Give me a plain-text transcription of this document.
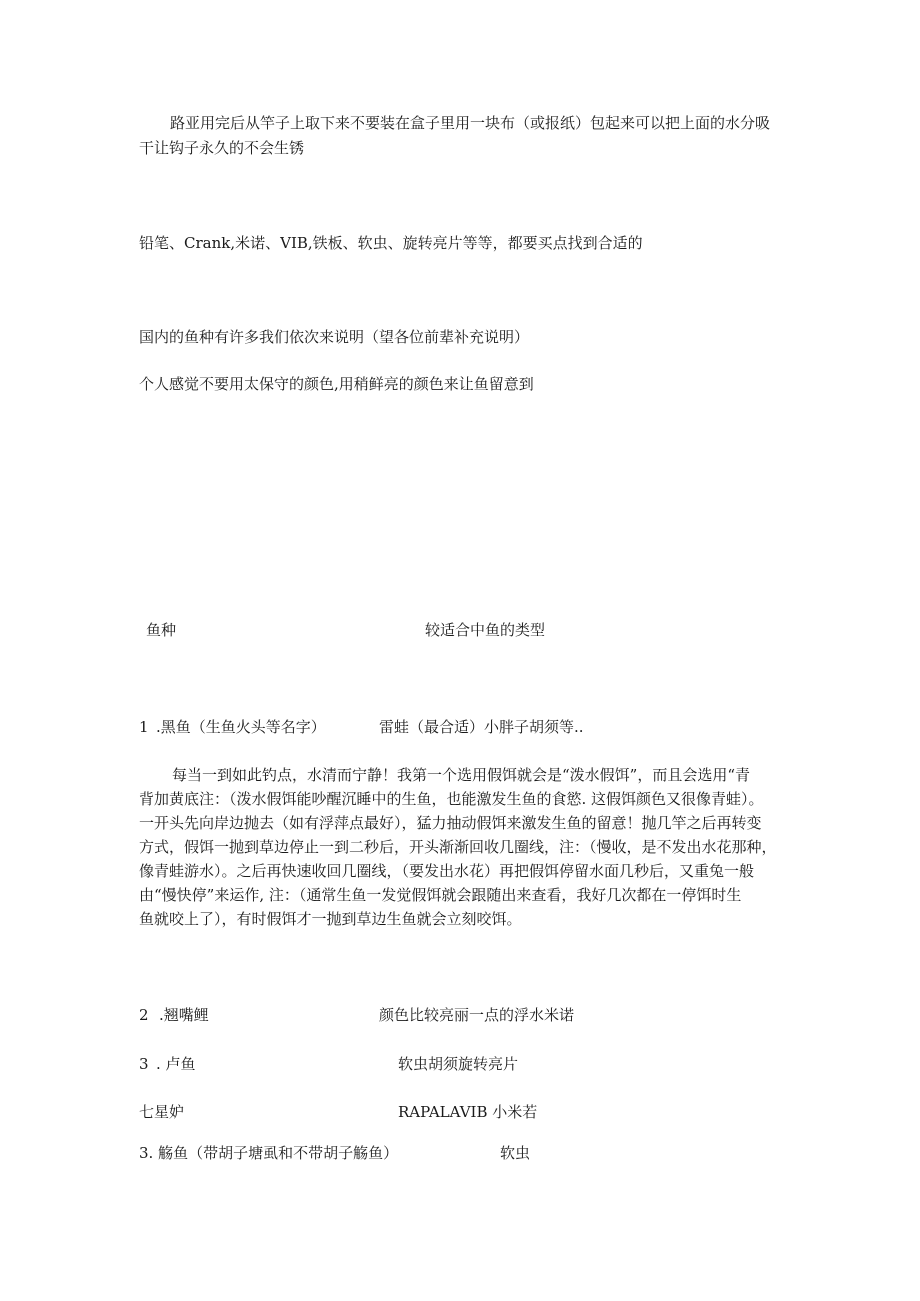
路亚用完后从竿子上取下来不要装在盒子里用一块布（或报纸）包起来可以把上面的水分吸

干让钩子永久的不会生锈

铅笔、Crank,米诺、VIB,铁板、软虫、旋转亮片等等，都要买点找到合适的

国内的鱼种有许多我们依次来说明（望各位前辈补充说明）

个人感觉不要用太保守的颜色,用稍鲜亮的颜色来让鱼留意到

鱼种	较适合中鱼的类型
1 .黑鱼（生鱼火头等名字）	雷蛙（最合适）小胖子胡须等..

每当一到如此钓点，水清而宁静！我第一个选用假饵就会是“泼水假饵”，而且会选用“青

背加黄底注：（泼水假饵能吵醒沉睡中的生鱼，也能激发生鱼的食慾. 这假饵颜色又很像青蛙）。

一开头先向岸边抛去（如有浮萍点最好），猛力抽动假饵来激发生鱼的留意！抛几竿之后再转变

方式，假饵一抛到草边停止一到二秒后，开头渐渐回收几圈线，注：（慢收，是不发出水花那种，

像青蛙游水）。之后再快速收回几圈线，（要发出水花）再把假饵停留水面几秒后，又重兔一般

由“慢快停”来运作, 注：（通常生鱼一发觉假饵就会跟随出来查看，我好几次都在一停饵时生

鱼就咬上了），有时假饵才一抛到草边生鱼就会立刻咬饵。

2 .翘嘴鲤	颜色比较亮丽一点的浮水米诺
3 . 卢鱼	软虫胡须旋转亮片
七星妒	RAPALAVIB 小米若
3. 觞鱼（带胡子塘虱和不带胡子觞鱼）	软虫
